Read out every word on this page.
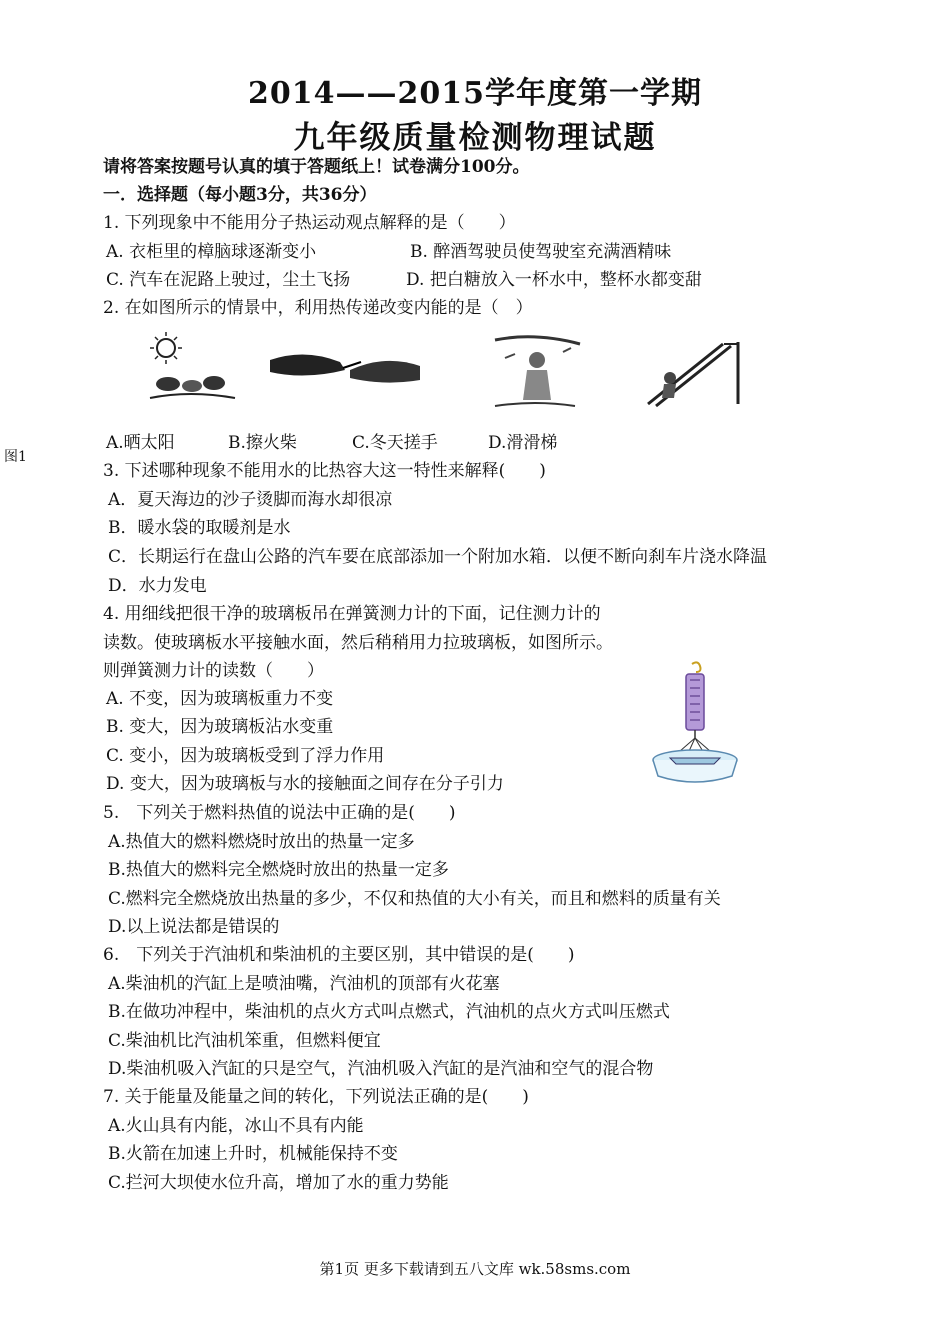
2014——2015学年度第一学期
九年级质量检测物理试题
请将答案按题号认真的填于答题纸上！试卷满分100分。
一．选择题（每小题3分，共36分）
1. 下列现象中不能用分子热运动观点解释的是（　　）
A. 衣柜里的樟脑球逐渐变小	B. 醉酒驾驶员使驾驶室充满酒精味
C. 汽车在泥路上驶过，尘土飞扬	D. 把白糖放入一杯水中，整杯水都变甜
2. 在如图所示的情景中，利用热传递改变内能的是（　）
A.晒太阳	B.擦火柴	C.冬天搓手	D.滑滑梯
图1
3. 下述哪种现象不能用水的比热容大这一特性来解释(　　)
A．夏天海边的沙子烫脚而海水却很凉
B．暖水袋的取暖剂是水
C．长期运行在盘山公路的汽车要在底部添加一个附加水箱．以便不断向刹车片浇水降温
D．水力发电
4. 用细线把很干净的玻璃板吊在弹簧测力计的下面，记住测力计的
读数。使玻璃板水平接触水面，然后稍稍用力拉玻璃板，如图所示。
则弹簧测力计的读数（　　）
A. 不变，因为玻璃板重力不变
B. 变大，因为玻璃板沾水变重
C. 变小，因为玻璃板受到了浮力作用
D. 变大，因为玻璃板与水的接触面之间存在分子引力
5.　下列关于燃料热值的说法中正确的是(　　)
A.热值大的燃料燃烧时放出的热量一定多
B.热值大的燃料完全燃烧时放出的热量一定多
C.燃料完全燃烧放出热量的多少，不仅和热值的大小有关，而且和燃料的质量有关
D.以上说法都是错误的
6.　下列关于汽油机和柴油机的主要区别，其中错误的是(　　)
A.柴油机的汽缸上是喷油嘴，汽油机的顶部有火花塞
B.在做功冲程中，柴油机的点火方式叫点燃式，汽油机的点火方式叫压燃式
C.柴油机比汽油机笨重，但燃料便宜
D.柴油机吸入汽缸的只是空气，汽油机吸入汽缸的是汽油和空气的混合物
7. 关于能量及能量之间的转化，下列说法正确的是(　　)
A.火山具有内能，冰山不具有内能
B.火箭在加速上升时，机械能保持不变
C.拦河大坝使水位升高，增加了水的重力势能
第1页 更多下载请到五八文库 wk.58sms.com
